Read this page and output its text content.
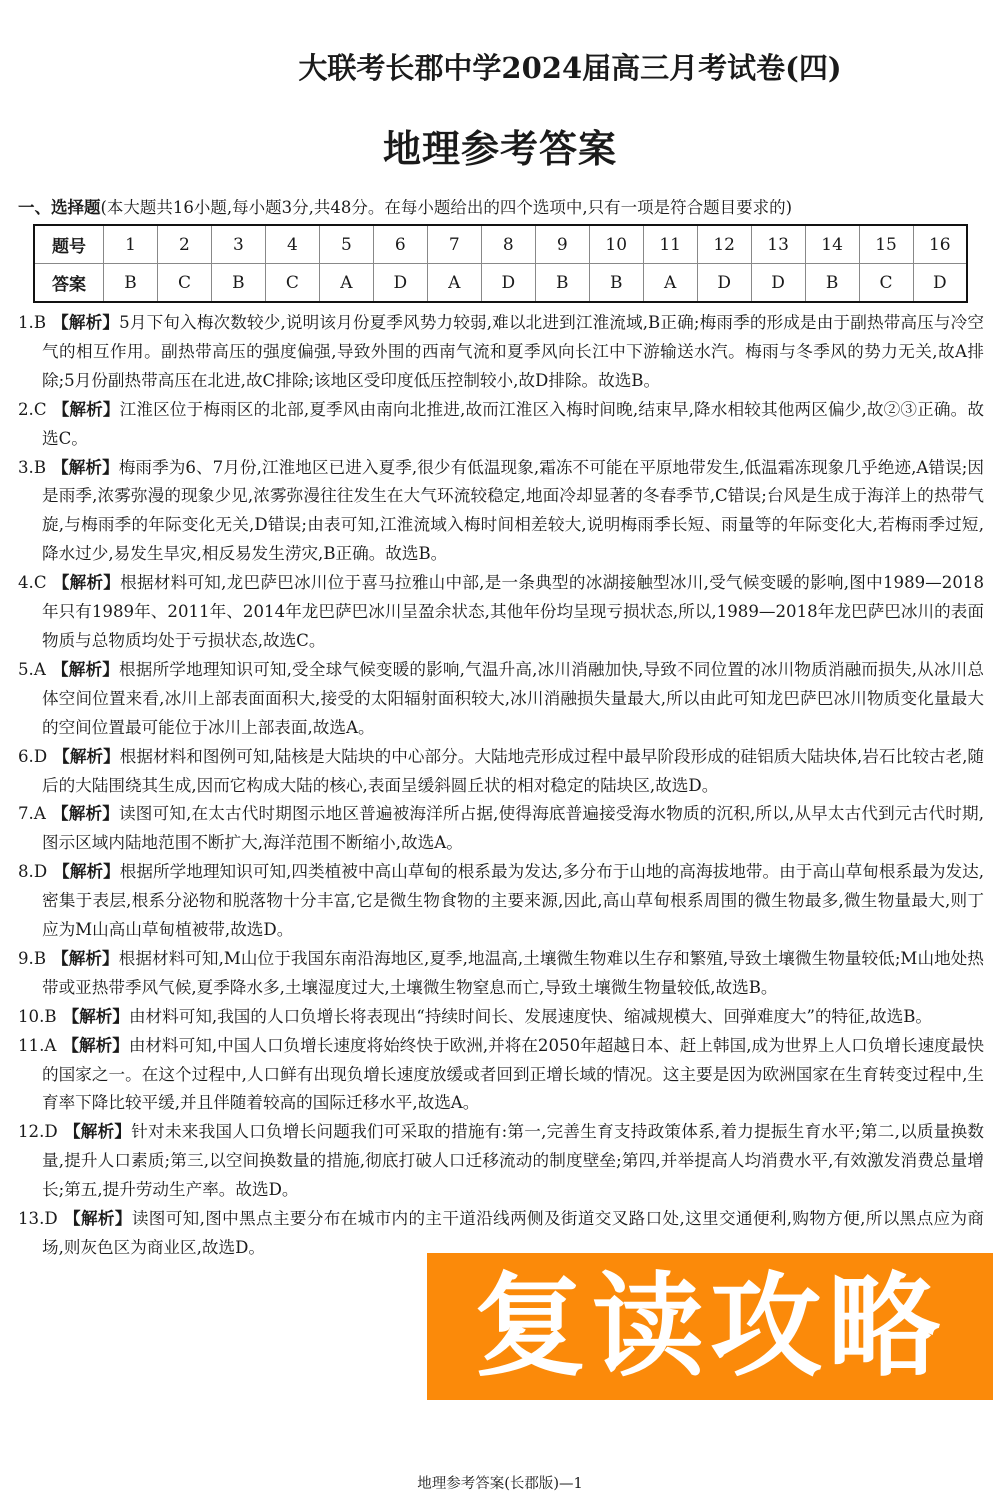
大联考长郡中学2024届高三月考试卷(四)
地理参考答案
一、选择题(本大题共16小题,每小题3分,共48分。在每小题给出的四个选项中,只有一项是符合题目要求的)
题号	1	2	3	4	5	6	7	8	9	10	11	12	13	14	15	16
答案	B	C	B	C	A	D	A	D	B	B	A	D	D	B	C	D

1.B 【解析】5月下旬入梅次数较少,说明该月份夏季风势力较弱,难以北进到江淮流域,B正确;梅雨季的形成是由于副热带高压与冷空气的相互作用。副热带高压的强度偏强,导致外围的西南气流和夏季风向长江中下游输送水汽。梅雨与冬季风的势力无关,故A排除;5月份副热带高压在北进,故C排除;该地区受印度低压控制较小,故D排除。故选B。

2.C 【解析】江淮区位于梅雨区的北部,夏季风由南向北推进,故而江淮区入梅时间晚,结束早,降水相较其他两区偏少,故②③正确。故选C。

3.B 【解析】梅雨季为6、7月份,江淮地区已进入夏季,很少有低温现象,霜冻不可能在平原地带发生,低温霜冻现象几乎绝迹,A错误;因是雨季,浓雾弥漫的现象少见,浓雾弥漫往往发生在大气环流较稳定,地面冷却显著的冬春季节,C错误;台风是生成于海洋上的热带气旋,与梅雨季的年际变化无关,D错误;由表可知,江淮流域入梅时间相差较大,说明梅雨季长短、雨量等的年际变化大,若梅雨季过短,降水过少,易发生旱灾,相反易发生涝灾,B正确。故选B。

4.C 【解析】根据材料可知,龙巴萨巴冰川位于喜马拉雅山中部,是一条典型的冰湖接触型冰川,受气候变暖的影响,图中1989—2018年只有1989年、2011年、2014年龙巴萨巴冰川呈盈余状态,其他年份均呈现亏损状态,所以,1989—2018年龙巴萨巴冰川的表面物质与总物质均处于亏损状态,故选C。

5.A 【解析】根据所学地理知识可知,受全球气候变暖的影响,气温升高,冰川消融加快,导致不同位置的冰川物质消融而损失,从冰川总体空间位置来看,冰川上部表面面积大,接受的太阳辐射面积较大,冰川消融损失量最大,所以由此可知龙巴萨巴冰川物质变化量最大的空间位置最可能位于冰川上部表面,故选A。

6.D 【解析】根据材料和图例可知,陆核是大陆块的中心部分。大陆地壳形成过程中最早阶段形成的硅铝质大陆块体,岩石比较古老,随后的大陆围绕其生成,因而它构成大陆的核心,表面呈缓斜圆丘状的相对稳定的陆块区,故选D。

7.A 【解析】读图可知,在太古代时期图示地区普遍被海洋所占据,使得海底普遍接受海水物质的沉积,所以,从早太古代到元古代时期,图示区域内陆地范围不断扩大,海洋范围不断缩小,故选A。

8.D 【解析】根据所学地理知识可知,四类植被中高山草甸的根系最为发达,多分布于山地的高海拔地带。由于高山草甸根系最为发达,密集于表层,根系分泌物和脱落物十分丰富,它是微生物食物的主要来源,因此,高山草甸根系周围的微生物最多,微生物量最大,则丁应为M山高山草甸植被带,故选D。

9.B 【解析】根据材料可知,M山位于我国东南沿海地区,夏季,地温高,土壤微生物难以生存和繁殖,导致土壤微生物量较低;M山地处热带或亚热带季风气候,夏季降水多,土壤湿度过大,土壤微生物窒息而亡,导致土壤微生物量较低,故选B。

10.B 【解析】由材料可知,我国的人口负增长将表现出“持续时间长、发展速度快、缩减规模大、回弹难度大”的特征,故选B。

11.A 【解析】由材料可知,中国人口负增长速度将始终快于欧洲,并将在2050年超越日本、赶上韩国,成为世界上人口负增长速度最快的国家之一。在这个过程中,人口鲜有出现负增长速度放缓或者回到正增长域的情况。这主要是因为欧洲国家在生育转变过程中,生育率下降比较平缓,并且伴随着较高的国际迁移水平,故选A。

12.D 【解析】针对未来我国人口负增长问题我们可采取的措施有:第一,完善生育支持政策体系,着力提振生育水平;第二,以质量换数量,提升人口素质;第三,以空间换数量的措施,彻底打破人口迁移流动的制度壁垒;第四,并举提高人均消费水平,有效激发消费总量增长;第五,提升劳动生产率。故选D。

13.D 【解析】读图可知,图中黑点主要分布在城市内的主干道沿线两侧及街道交叉路口处,这里交通便利,购物方便,所以黑点应为商场,则灰色区为商业区,故选D。

复读攻略
地理参考答案(长郡版)—1
